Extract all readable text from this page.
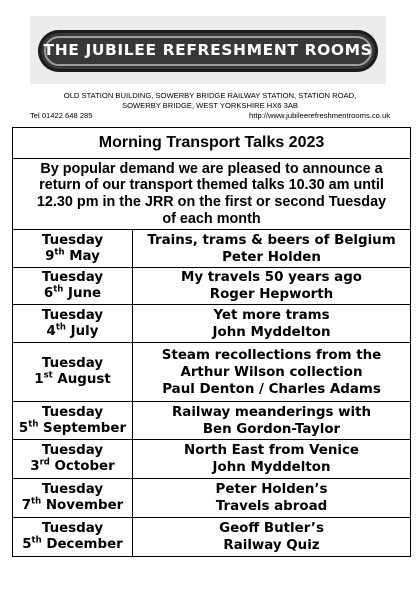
THE JUBILEE REFRESHMENT ROOMS
OLD STATION BUILDING, SOWERBY BRIDGE RAILWAY STATION, STATION ROAD,
SOWERBY BRIDGE, WEST YORKSHIRE HX6 3AB
Tel 01422 648 285	http://www.jubileerefreshmentrooms.co.uk
Morning Transport Talks 2023	

By popular demand we are pleased to announce a
return of our transport themed talks 10.30 am until
12.30 pm in the JRR on the first or second Tuesday
of each month	

Tuesday
9th May	Trains, trams & beers of Belgium
Peter Holden

Tuesday
6th June	My travels 50 years ago
Roger Hepworth

Tuesday
4th July	Yet more trams
John Myddelton

Tuesday
1st August	Steam recollections from the
Arthur Wilson collection
Paul Denton / Charles Adams

Tuesday
5th September	Railway meanderings with
Ben Gordon-Taylor

Tuesday
3rd October	North East from Venice
John Myddelton

Tuesday
7th November	Peter Holden’s
Travels abroad

Tuesday
5th December	Geoff Butler’s
Railway Quiz
